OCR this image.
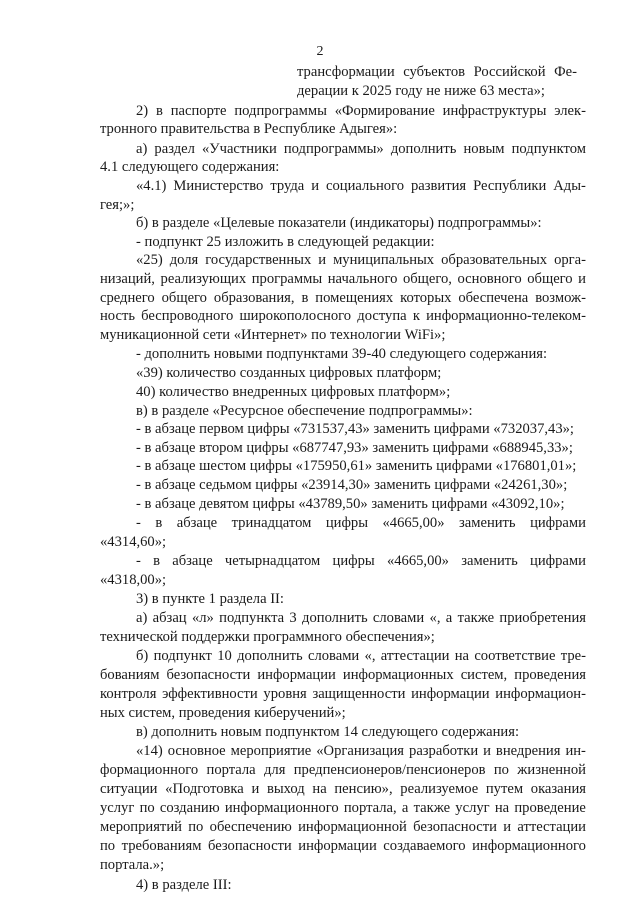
2
трансформации субъектов Российской Фе-
дерации к 2025 году не ниже 63 места»;
2) в паспорте подпрограммы «Формирование инфраструктуры элек-
тронного правительства в Республике Адыгея»:
а) раздел «Участники подпрограммы» дополнить новым подпунктом
4.1 следующего содержания:
«4.1) Министерство труда и социального развития Республики Ады-
гея;»;
б) в разделе «Целевые показатели (индикаторы) подпрограммы»:
- подпункт 25 изложить в следующей редакции:
«25) доля государственных и муниципальных образовательных орга-
низаций, реализующих программы начального общего, основного общего и
среднего общего образования, в помещениях которых обеспечена возмож-
ность беспроводного широкополосного доступа к информационно-телеком-
муникационной сети «Интернет» по технологии WiFi»;
- дополнить новыми подпунктами 39-40 следующего содержания:
«39) количество созданных цифровых платформ;
40) количество внедренных цифровых платформ»;
в) в разделе «Ресурсное обеспечение подпрограммы»:
- в абзаце первом цифры «731537,43» заменить цифрами «732037,43»;
- в абзаце втором цифры «687747,93» заменить цифрами «688945,33»;
- в абзаце шестом цифры «175950,61» заменить цифрами «176801,01»;
- в абзаце седьмом цифры «23914,30» заменить цифрами «24261,30»;
- в абзаце девятом цифры «43789,50» заменить цифрами «43092,10»;
- в абзаце тринадцатом цифры «4665,00» заменить цифрами
«4314,60»;
- в абзаце четырнадцатом цифры «4665,00» заменить цифрами
«4318,00»;
3) в пункте 1 раздела II:
а) абзац «л» подпункта 3 дополнить словами «, а также приобретения
технической поддержки программного обеспечения»;
б) подпункт 10 дополнить словами «, аттестации на соответствие тре-
бованиям безопасности информации информационных систем, проведения
контроля эффективности уровня защищенности информации информацион-
ных систем, проведения киберучений»;
в) дополнить новым подпунктом 14 следующего содержания:
«14) основное мероприятие «Организация разработки и внедрения ин-
формационного портала для предпенсионеров/пенсионеров по жизненной
ситуации «Подготовка и выход на пенсию», реализуемое путем оказания
услуг по созданию информационного портала, а также услуг на проведение
мероприятий по обеспечению информационной безопасности и аттестации
по требованиям безопасности информации создаваемого информационного
портала.»;
4) в разделе III:
